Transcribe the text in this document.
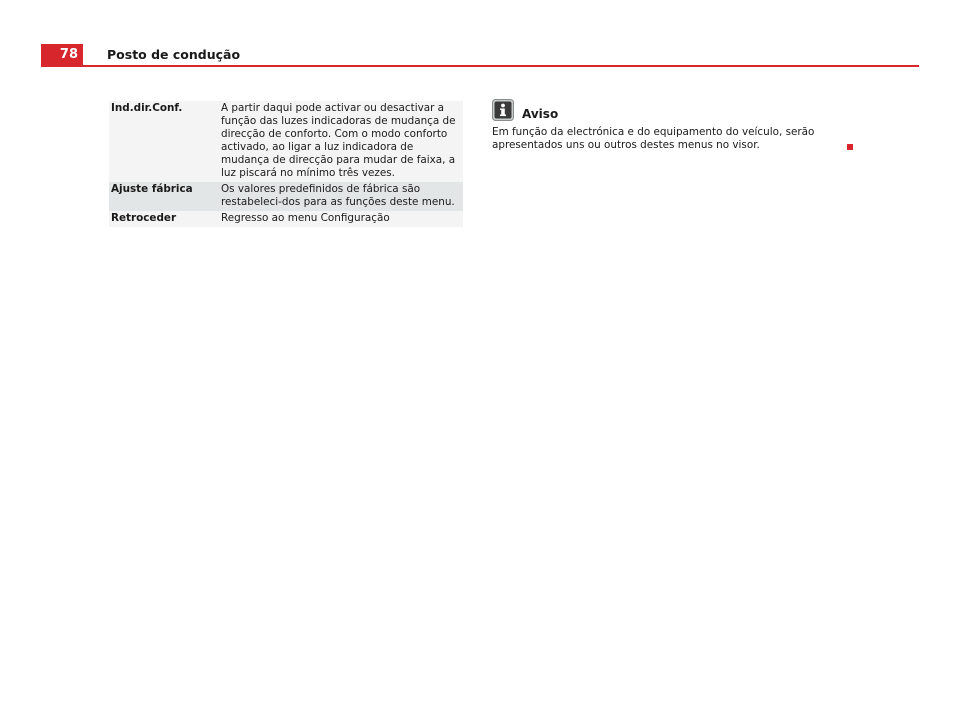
78	Posto de condução
Ind.dir.Conf.	A partir daqui pode activar ou desactivar a função das luzes indicadoras de mudança de direcção de conforto. Com o modo conforto activado, ao ligar a luz indicadora de mudança de direcção para mudar de faixa, a luz piscará no mínimo três vezes.
Ajuste fábrica	Os valores predefinidos de fábrica são restabeleci-dos para as funções deste menu.
Retroceder	Regresso ao menu Configuração
Aviso
Em função da electrónica e do equipamento do veículo, serão apresentados uns ou outros destes menus no visor.
